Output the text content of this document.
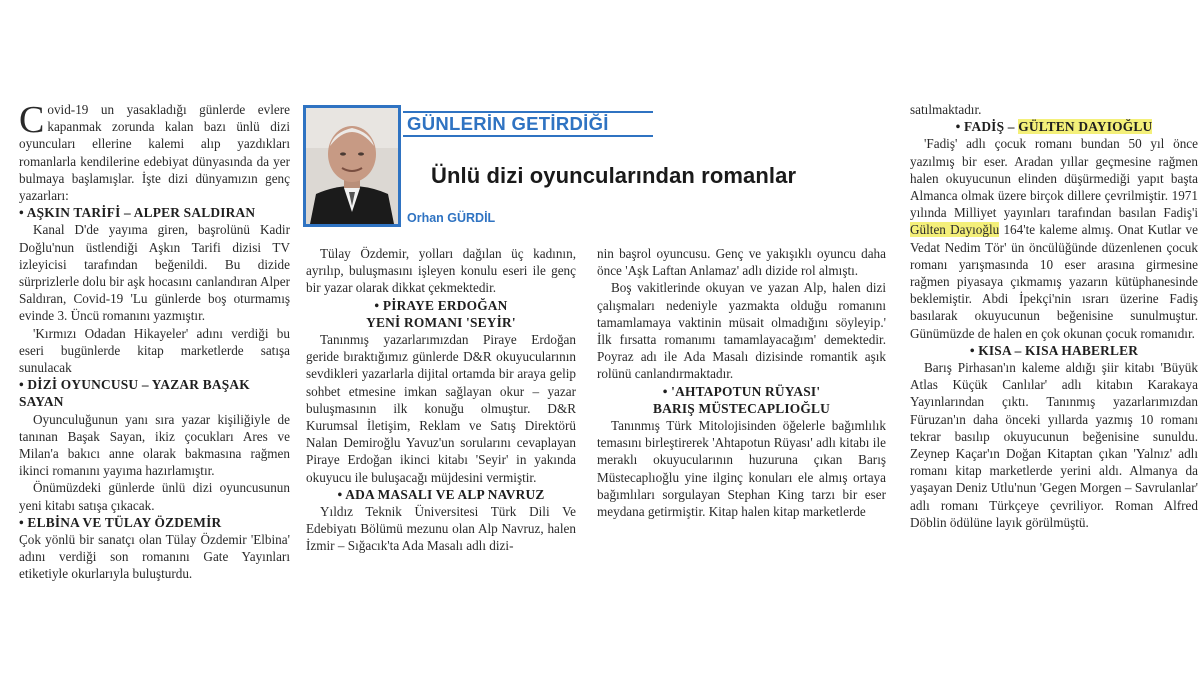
GÜNLERİN GETİRDİĞİ
Ünlü dizi oyuncularından romanlar
Orhan GÜRDİL

Covid-19 un yasakladığı günlerde evlere kapanmak zorunda kalan bazı ünlü dizi oyuncuları ellerine kalemi alıp yazdıkları romanlarla kendilerine edebiyat dünyasında da yer bulmaya başlamışlar. İşte dizi dünyamızın genç yazarları:

• AŞKIN TARİFİ – ALPER SALDIRAN

Kanal D'de yayıma giren, başrolünü Kadir Doğlu'nun üstlendiği Aşkın Tarifi dizisi TV izleyicisi tarafından beğenildi. Bu dizide sürprizlerle dolu bir aşk hocasını canlandıran Alper Saldıran, Covid-19 'Lu günlerde boş oturmamış evinde 3. Üncü romanını yazmıştır.

'Kırmızı Odadan Hikayeler' adını verdiği bu eseri bugünlerde kitap marketlerde satışa sunulacak

• DİZİ OYUNCUSU – YAZAR BAŞAK SAYAN

Oyunculuğunun yanı sıra yazar kişiliğiyle de tanınan Başak Sayan, ikiz çocukları Ares ve Milan'a bakıcı anne olarak bakmasına rağmen ikinci romanını yayıma hazırlamıştır.

Önümüzdeki günlerde ünlü dizi oyuncusunun yeni kitabı satışa çıkacak.

• ELBİNA VE TÜLAY ÖZDEMİR

Çok yönlü bir sanatçı olan Tülay Özdemir 'Elbina' adını verdiği son romanını Gate Yayınları etiketiyle okurlarıyla buluşturdu.

Tülay Özdemir, yolları dağılan üç kadının, ayrılıp, buluşmasını işleyen konulu eseri ile genç bir yazar olarak dikkat çekmektedir.

• PİRAYE ERDOĞAN
YENİ ROMANI 'SEYİR'

Tanınmış yazarlarımızdan Piraye Erdoğan geride bıraktığımız günlerde D&R okuyucularının sevdikleri yazarlarla dijital ortamda bir araya gelip sohbet etmesine imkan sağlayan okur – yazar buluşmasının ilk konuğu olmuştur. D&R Kurumsal İletişim, Reklam ve Satış Direktörü Nalan Demiroğlu Yavuz'un sorularını cevaplayan Piraye Erdoğan ikinci kitabı 'Seyir' in yakında okuyucu ile buluşacağı müjdesini vermiştir.

• ADA MASALI VE ALP NAVRUZ

Yıldız Teknik Üniversitesi Türk Dili Ve Edebiyatı Bölümü mezunu olan Alp Navruz, halen İzmir – Sığacık'ta Ada Masalı adlı dizi-

nin başrol oyuncusu. Genç ve yakışıklı oyuncu daha önce 'Aşk Laftan Anlamaz' adlı dizide rol almıştı.

Boş vakitlerinde okuyan ve yazan Alp, halen dizi çalışmaları nedeniyle yazmakta olduğu romanını tamamlamaya vaktinin müsait olmadığını söyleyip.' İlk fırsatta romanımı tamamlayacağım' demektedir. Poyraz adı ile Ada Masalı dizisinde romantik aşık rolünü canlandırmaktadır.

• 'AHTAPOTUN RÜYASI'
BARIŞ MÜSTECAPLIOĞLU

Tanınmış Türk Mitolojisinden öğelerle bağımlılık temasını birleştirerek 'Ahtapotun Rüyası' adlı kitabı ile meraklı okuyucularının huzuruna çıkan Barış Müstecaplıoğlu yine ilginç konuları ele almış ortaya bağımlıları sorgulayan Stephan King tarzı bir eser meydana getirmiştir. Kitap halen kitap marketlerde

satılmaktadır.

• FADİŞ – GÜLTEN DAYIOĞLU

'Fadiş' adlı çocuk romanı bundan 50 yıl önce yazılmış bir eser. Aradan yıllar geçmesine rağmen halen okuyucunun elinden düşürmediği yapıt başta Almanca olmak üzere birçok dillere çevrilmiştir. 1971 yılında Milliyet yayınları tarafından basılan Fadiş'i Gülten Dayıoğlu 164'te kaleme almış. Onat Kutlar ve Vedat Nedim Tör' ün öncülüğünde düzenlenen çocuk romanı yarışmasında 10 eser arasına girmesine rağmen piyasaya çıkmamış yazarın kütüphanesinde beklemiştir. Abdi İpekçi'nin ısrarı üzerine Fadiş basılarak okuyucunun beğenisine sunulmuştur. Günümüzde de halen en çok okunan çocuk romanıdır.

• KISA – KISA HABERLER

Barış Pirhasan'ın kaleme aldığı şiir kitabı 'Büyük Atlas Küçük Canlılar' adlı kitabın Karakaya Yayınlarından çıktı. Tanınmış yazarlarımızdan Füruzan'ın daha önceki yıllarda yazmış 10 romanı tekrar basılıp okuyucunun beğenisine sunuldu. Zeynep Kaçar'ın Doğan Kitaptan çıkan 'Yalnız' adlı romanı kitap marketlerde yerini aldı. Almanya da yaşayan Deniz Utlu'nun 'Gegen Morgen – Savrulanlar' adlı romanı Türkçeye çevriliyor. Roman Alfred Döblin ödülüne layık görülmüştü.
